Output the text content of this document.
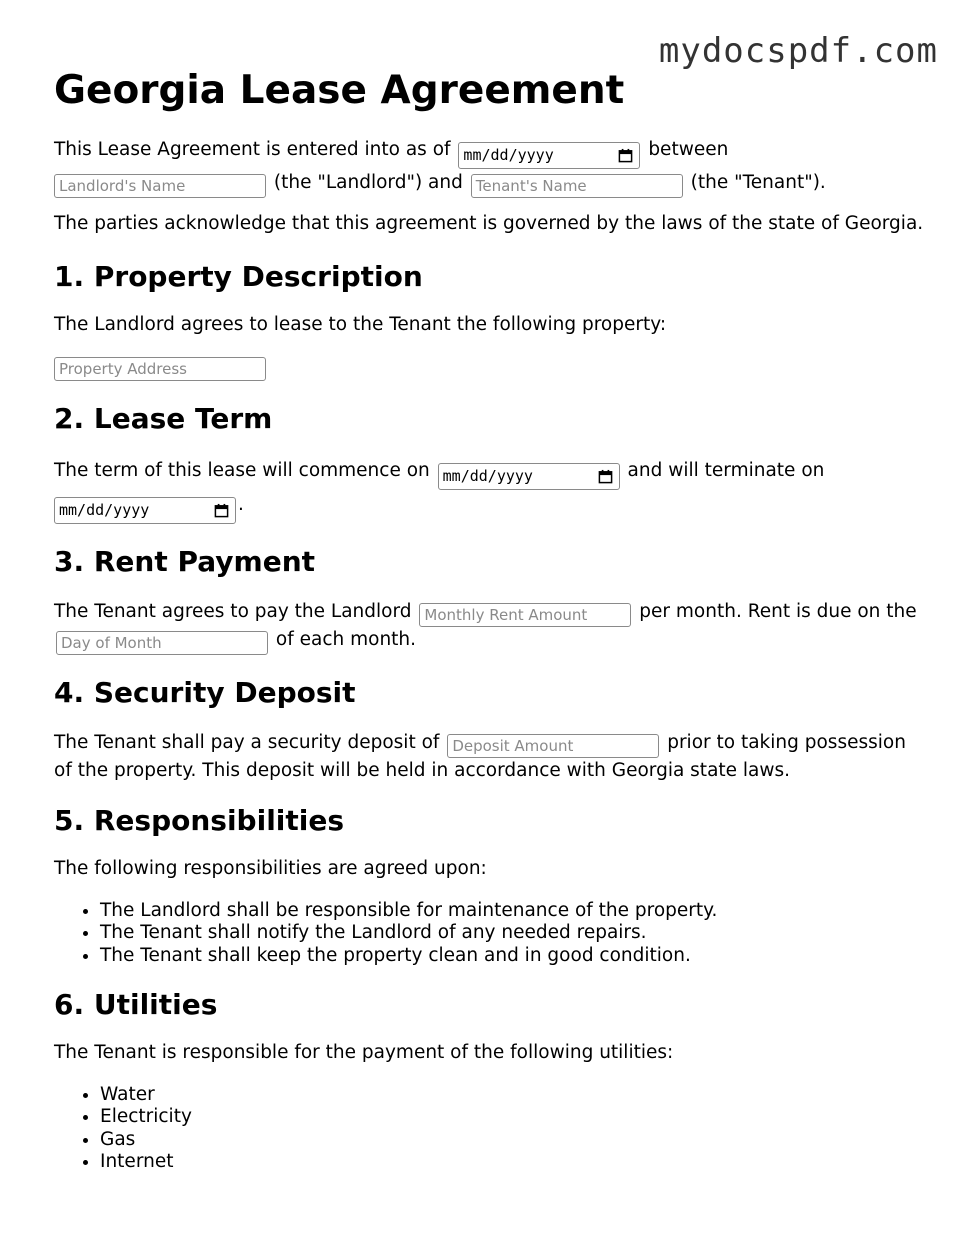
mydocspdf.com
Georgia Lease Agreement

This Lease Agreement is entered into as of mm/dd/yyyy	between
Landlord's Name	(the "Landlord") and Tenant's Name	(the "Tenant").

The parties acknowledge that this agreement is governed by the laws of the state of Georgia.

1. Property Description

The Landlord agrees to lease to the Tenant the following property:

Property Address
2. Lease Term

The term of this lease will commence on mm/dd/yyyy	and will terminate on

mm/dd/yyyy	.

3. Rent Payment

The Tenant agrees to pay the Landlord Monthly Rent Amount	per month. Rent is due on the Day of Month	of each month.

4. Security Deposit

The Tenant shall pay a security deposit of Deposit Amount	prior to taking possession of the property. This deposit will be held in accordance with Georgia state laws.

5. Responsibilities

The following responsibilities are agreed upon:

• The Landlord shall be responsible for maintenance of the property.
• The Tenant shall notify the Landlord of any needed repairs.
• The Tenant shall keep the property clean and in good condition.
6. Utilities

The Tenant is responsible for the payment of the following utilities:

• Water
• Electricity
• Gas
• Internet
